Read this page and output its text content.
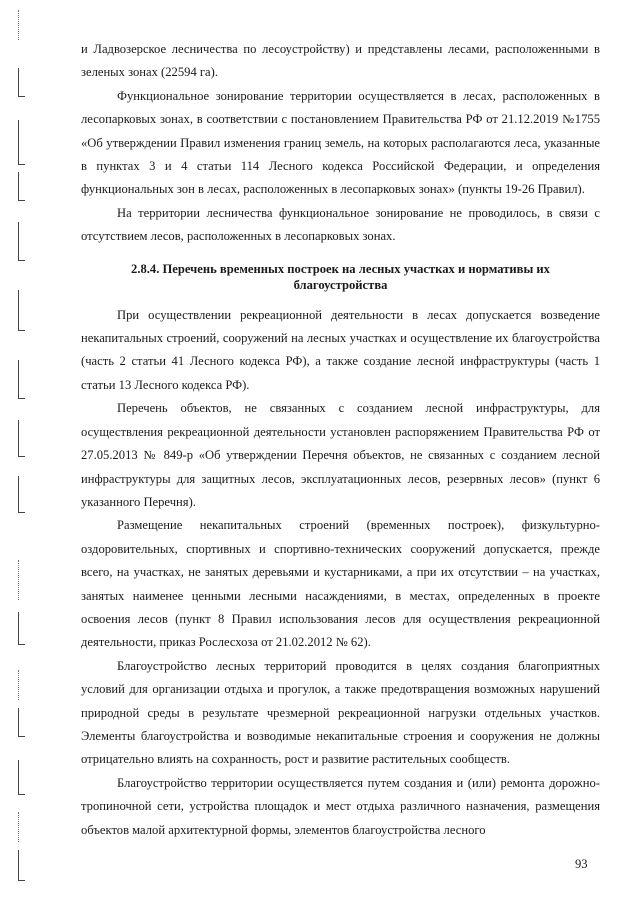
и Ладвозерское лесничества по лесоустройству) и представлены лесами, расположенными в зеленых зонах (22594 га).

Функциональное зонирование территории осуществляется в лесах, расположенных в лесопарковых зонах, в соответствии с постановлением Правительства РФ от 21.12.2019 №1755 «Об утверждении Правил изменения границ земель, на которых располагаются леса, указанные в пунктах 3 и 4 статьи 114 Лесного кодекса Российской Федерации, и определения функциональных зон в лесах, расположенных в лесопарковых зонах» (пункты 19-26 Правил).

На территории лесничества функциональное зонирование не проводилось, в связи с отсутствием лесов, расположенных в лесопарковых зонах.

2.8.4. Перечень временных построек на лесных участках и нормативы их благоустройства

При осуществлении рекреационной деятельности в лесах допускается возведение некапитальных строений, сооружений на лесных участках и осуществление их благоустройства (часть 2 статьи 41 Лесного кодекса РФ), а также создание лесной инфраструктуры (часть 1 статьи 13 Лесного кодекса РФ).

Перечень объектов, не связанных с созданием лесной инфраструктуры, для осуществления рекреационной деятельности установлен распоряжением Правительства РФ от 27.05.2013 № 849-р «Об утверждении Перечня объектов, не связанных с созданием лесной инфраструктуры для защитных лесов, эксплуатационных лесов, резервных лесов» (пункт 6 указанного Перечня).

Размещение некапитальных строений (временных построек), физкультурно-оздоровительных, спортивных и спортивно-технических сооружений допускается, прежде всего, на участках, не занятых деревьями и кустарниками, а при их отсутствии – на участках, занятых наименее ценными лесными насаждениями, в местах, определенных в проекте освоения лесов (пункт 8 Правил использования лесов для осуществления рекреационной деятельности, приказ Рослесхоза от 21.02.2012 № 62).

Благоустройство лесных территорий проводится в целях создания благоприятных условий для организации отдыха и прогулок, а также предотвращения возможных нарушений природной среды в результате чрезмерной рекреационной нагрузки отдельных участков. Элементы благоустройства и возводимые некапитальные строения и сооружения не должны отрицательно влиять на сохранность, рост и развитие растительных сообществ.

Благоустройство территории осуществляется путем создания и (или) ремонта дорожно-тропиночной сети, устройства площадок и мест отдыха различного назначения, размещения объектов малой архитектурной формы, элементов благоустройства лесного

93
